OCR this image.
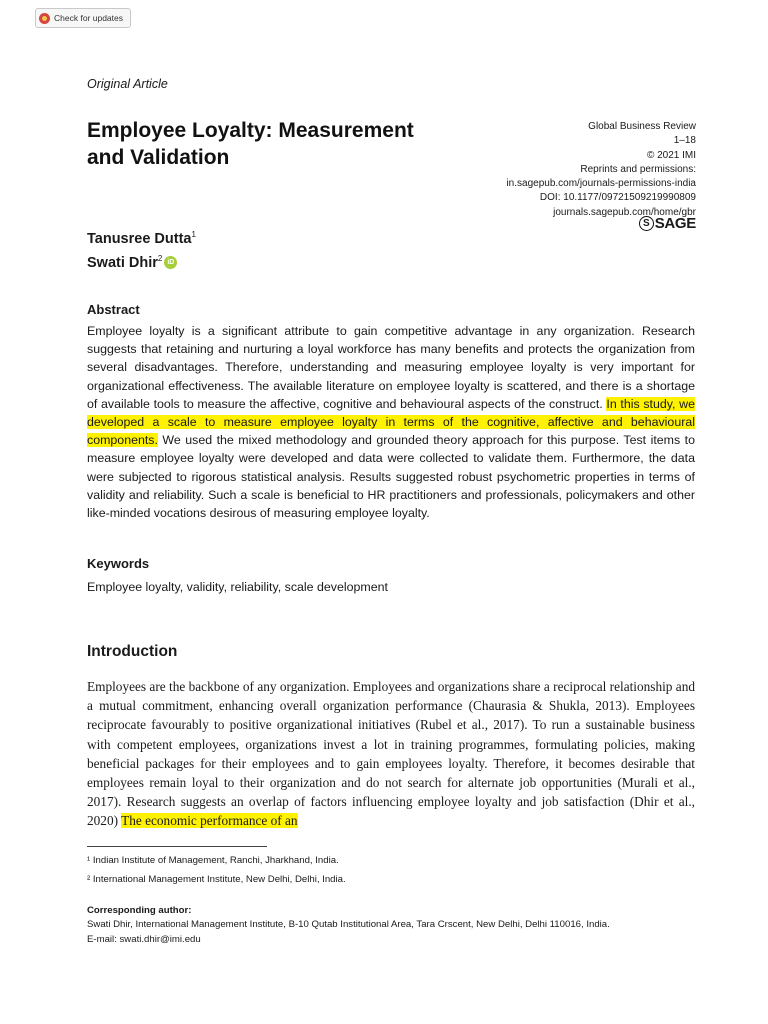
Check for updates
Original Article
Employee Loyalty: Measurement
and Validation
Global Business Review
1–18
© 2021 IMI
Reprints and permissions:
in.sagepub.com/journals-permissions-india
DOI: 10.1177/09721509219990809
journals.sagepub.com/home/gbr
S SAGE
Tanusree Dutta$^1$
Swati Dhir$^2$ iD
Abstract
Employee loyalty is a significant attribute to gain competitive advantage in any organization. Research suggests that retaining and nurturing a loyal workforce has many benefits and protects the organization from several disadvantages. Therefore, understanding and measuring employee loyalty is very important for organizational effectiveness. The available literature on employee loyalty is scattered, and there is a shortage of available tools to measure the affective, cognitive and behavioural aspects of the construct. In this study, we developed a scale to measure employee loyalty in terms of the cognitive, affective and behavioural components. We used the mixed methodology and grounded theory approach for this purpose. Test items to measure employee loyalty were developed and data were collected to validate them. Furthermore, the data were subjected to rigorous statistical analysis. Results suggested robust psychometric properties in terms of validity and reliability. Such a scale is beneficial to HR practitioners and professionals, policymakers and other like-minded vocations desirous of measuring employee loyalty.
Keywords
Employee loyalty, validity, reliability, scale development
Introduction
Employees are the backbone of any organization. Employees and organizations share a reciprocal relationship and a mutual commitment, enhancing overall organization performance (Chaurasia & Shukla, 2013). Employees reciprocate favourably to positive organizational initiatives (Rubel et al., 2017). To run a sustainable business with competent employees, organizations invest a lot in training programmes, formulating policies, making beneficial packages for their employees and to gain employees loyalty. Therefore, it becomes desirable that employees remain loyal to their organization and do not search for alternate job opportunities (Murali et al., 2017). Research suggests an overlap of factors influencing employee loyalty and job satisfaction (Dhir et al., 2020) The economic performance of an
¹ Indian Institute of Management, Ranchi, Jharkhand, India.
² International Management Institute, New Delhi, Delhi, India.
Corresponding author:
Swati Dhir, International Management Institute, B-10 Qutab Institutional Area, Tara Crscent, New Delhi, Delhi 110016, India.
E-mail: swati.dhir@imi.edu
